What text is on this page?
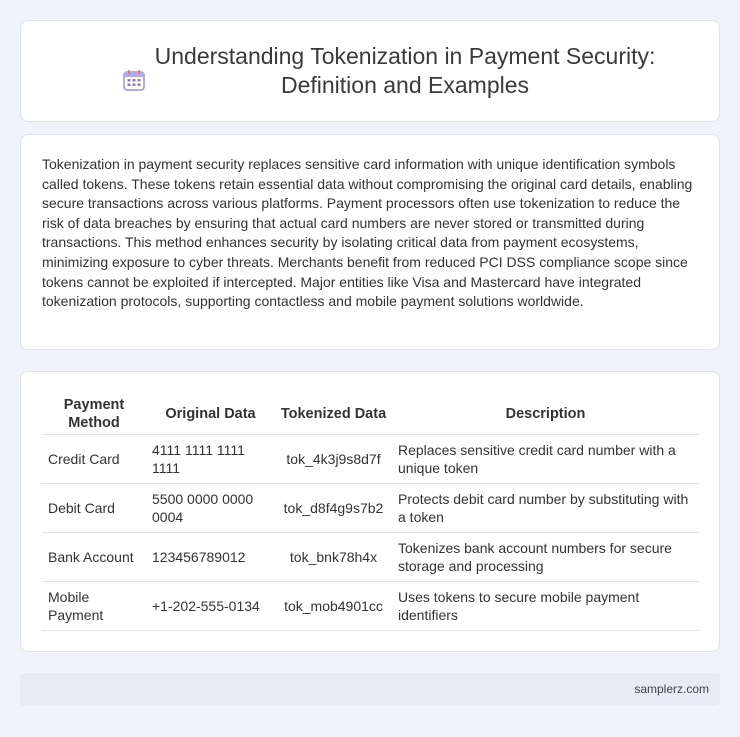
Understanding Tokenization in Payment Security: Definition and Examples

Tokenization in payment security replaces sensitive card information with unique identification symbols called tokens. These tokens retain essential data without compromising the original card details, enabling secure transactions across various platforms. Payment processors often use tokenization to reduce the risk of data breaches by ensuring that actual card numbers are never stored or transmitted during transactions. This method enhances security by isolating critical data from payment ecosystems, minimizing exposure to cyber threats. Merchants benefit from reduced PCI DSS compliance scope since tokens cannot be exploited if intercepted. Major entities like Visa and Mastercard have integrated tokenization protocols, supporting contactless and mobile payment solutions worldwide.

Payment Method	Original Data	Tokenized Data	Description
Credit Card	4111 1111 1111 1111	tok_4k3j9s8d7f	Replaces sensitive credit card number with a unique token
Debit Card	5500 0000 0000 0004	tok_d8f4g9s7b2	Protects debit card number by substituting with a token
Bank Account	123456789012	tok_bnk78h4x	Tokenizes bank account numbers for secure storage and processing
Mobile Payment	+1-202-555-0134	tok_mob4901cc	Uses tokens to secure mobile payment identifiers
samplerz.com
